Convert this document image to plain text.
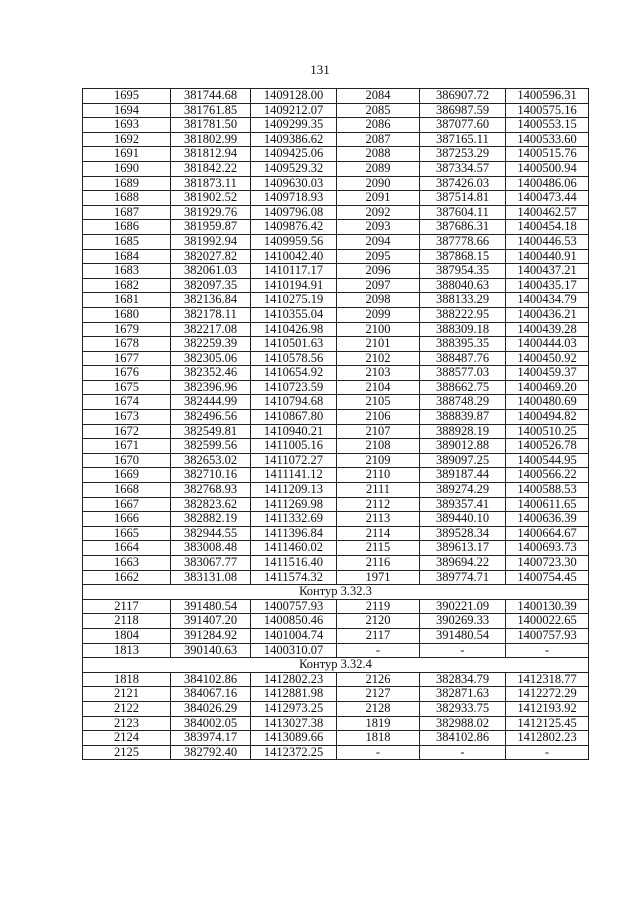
131
1695	381744.68	1409128.00	2084	386907.72	1400596.31
1694	381761.85	1409212.07	2085	386987.59	1400575.16
1693	381781.50	1409299.35	2086	387077.60	1400553.15
1692	381802.99	1409386.62	2087	387165.11	1400533.60
1691	381812.94	1409425.06	2088	387253.29	1400515.76
1690	381842.22	1409529.32	2089	387334.57	1400500.94
1689	381873.11	1409630.03	2090	387426.03	1400486.06
1688	381902.52	1409718.93	2091	387514.81	1400473.44
1687	381929.76	1409796.08	2092	387604.11	1400462.57
1686	381959.87	1409876.42	2093	387686.31	1400454.18
1685	381992.94	1409959.56	2094	387778.66	1400446.53
1684	382027.82	1410042.40	2095	387868.15	1400440.91
1683	382061.03	1410117.17	2096	387954.35	1400437.21
1682	382097.35	1410194.91	2097	388040.63	1400435.17
1681	382136.84	1410275.19	2098	388133.29	1400434.79
1680	382178.11	1410355.04	2099	388222.95	1400436.21
1679	382217.08	1410426.98	2100	388309.18	1400439.28
1678	382259.39	1410501.63	2101	388395.35	1400444.03
1677	382305.06	1410578.56	2102	388487.76	1400450.92
1676	382352.46	1410654.92	2103	388577.03	1400459.37
1675	382396.96	1410723.59	2104	388662.75	1400469.20
1674	382444.99	1410794.68	2105	388748.29	1400480.69
1673	382496.56	1410867.80	2106	388839.87	1400494.82
1672	382549.81	1410940.21	2107	388928.19	1400510.25
1671	382599.56	1411005.16	2108	389012.88	1400526.78
1670	382653.02	1411072.27	2109	389097.25	1400544.95
1669	382710.16	1411141.12	2110	389187.44	1400566.22
1668	382768.93	1411209.13	2111	389274.29	1400588.53
1667	382823.62	1411269.98	2112	389357.41	1400611.65
1666	382882.19	1411332.69	2113	389440.10	1400636.39
1665	382944.55	1411396.84	2114	389528.34	1400664.67
1664	383008.48	1411460.02	2115	389613.17	1400693.73
1663	383067.77	1411516.40	2116	389694.22	1400723.30
1662	383131.08	1411574.32	1971	389774.71	1400754.45
Контур 3.32.3					
2117	391480.54	1400757.93	2119	390221.09	1400130.39
2118	391407.20	1400850.46	2120	390269.33	1400022.65
1804	391284.92	1401004.74	2117	391480.54	1400757.93
1813	390140.63	1400310.07	-	-	-
Контур 3.32.4					
1818	384102.86	1412802.23	2126	382834.79	1412318.77
2121	384067.16	1412881.98	2127	382871.63	1412272.29
2122	384026.29	1412973.25	2128	382933.75	1412193.92
2123	384002.05	1413027.38	1819	382988.02	1412125.45
2124	383974.17	1413089.66	1818	384102.86	1412802.23
2125	382792.40	1412372.25	-	-	-
